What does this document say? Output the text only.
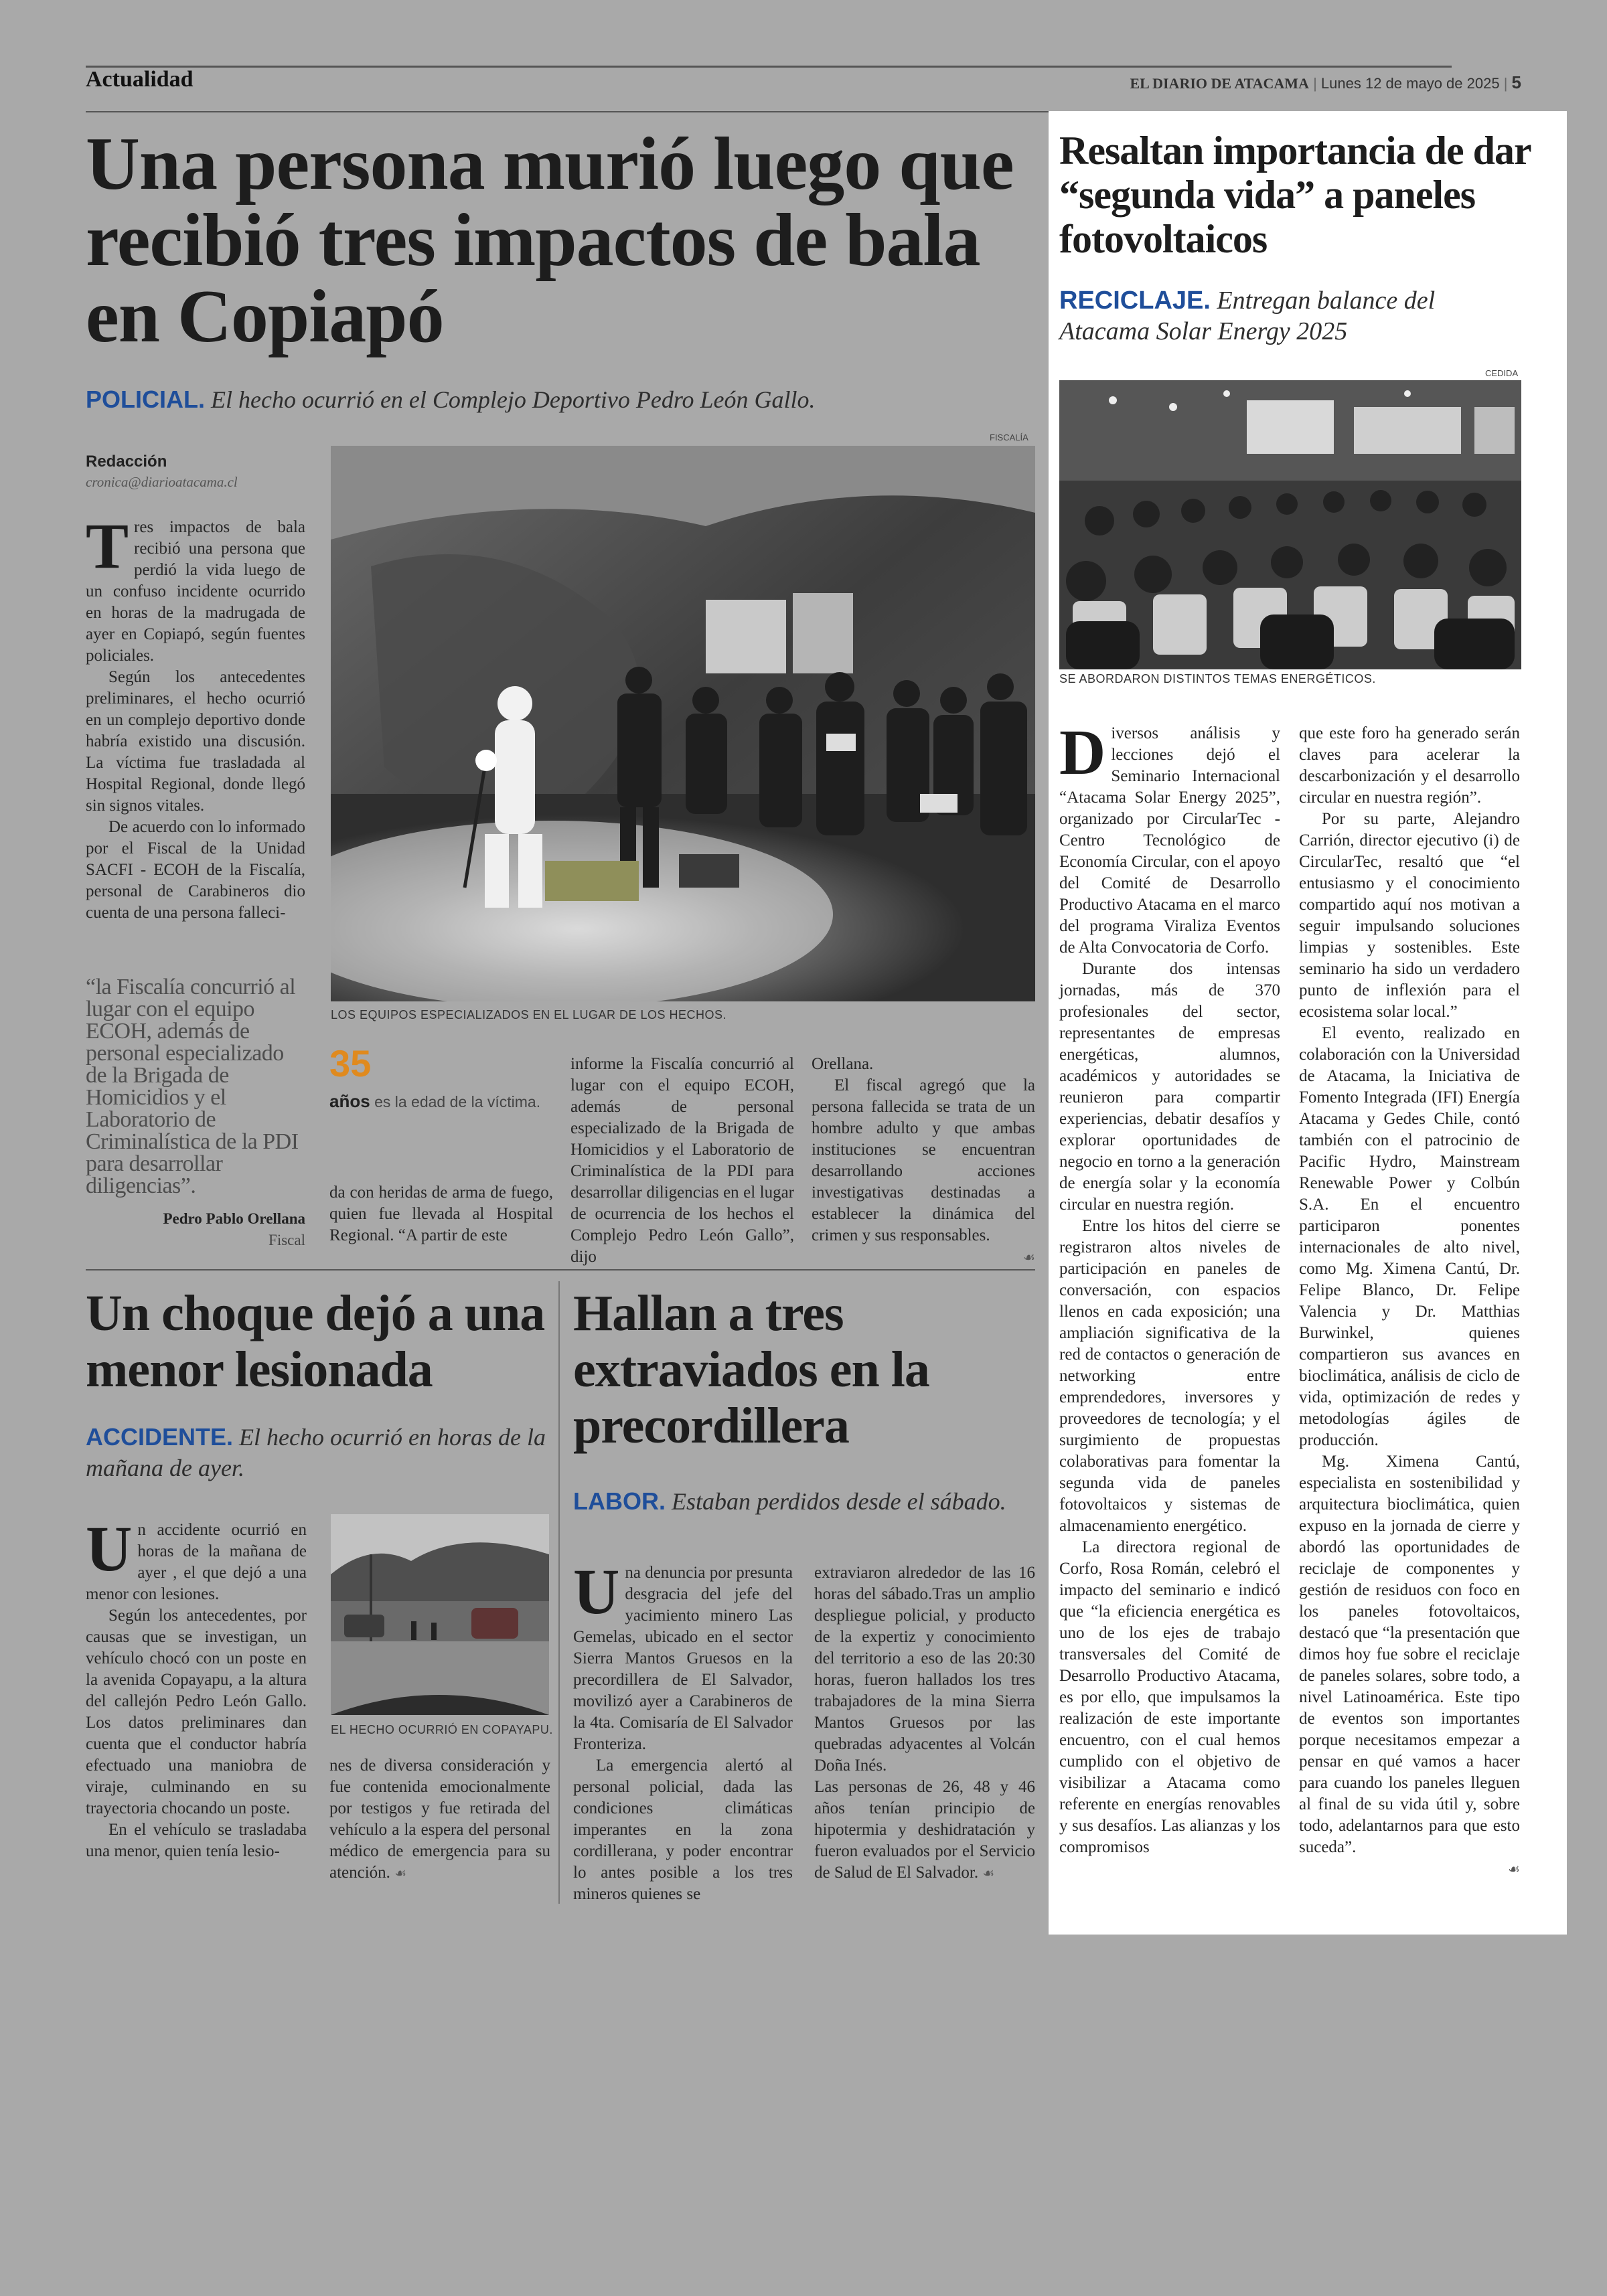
Actualidad	EL DIARIO DE ATACAMA | Lunes 12 de mayo de 2025 | 5
Una persona murió luego que recibió tres impactos de bala en Copiapó
POLICIAL. El hecho ocurrió en el Complejo Deportivo Pedro León Gallo.
Redacción
cronica@diarioatacama.cl

Tres impactos de bala recibió una persona que perdió la vida luego de un confuso incidente ocurrido en horas de la madrugada de ayer en Copiapó, según fuentes policiales.

Según los antecedentes preliminares, el hecho ocurrió en un complejo deportivo donde habría existido una discusión. La víctima fue trasladada al Hospital Regional, donde llegó sin signos vitales.

De acuerdo con lo informado por el Fiscal de la Unidad SACFI - ECOH de la Fiscalía, personal de Carabineros dio cuenta de una persona falleci-

FISCALÍA
LOS EQUIPOS ESPECIALIZADOS EN EL LUGAR DE LOS HECHOS.
“la Fiscalía concurrió al lugar con el equipo ECOH, además de personal especializado de la Brigada de Homicidios y el Laboratorio de Criminalística de la PDI para desarrollar diligencias”.
Pedro Pablo Orellana
Fiscal
35
años es la edad de la víctima.

da con heridas de arma de fuego, quien fue llevada al Hospital Regional. “A partir de este

informe la Fiscalía concurrió al lugar con el equipo ECOH, además de personal especializado de la Brigada de Homicidios y el Laboratorio de Criminalística de la PDI para desarrollar diligencias en el lugar de ocurrencia de los hechos el Complejo Pedro León Gallo”, dijo

Orellana.

El fiscal agregó que la persona fallecida se trata de un hombre adulto y que ambas instituciones se encuentran desarrollando acciones investigativas destinadas a establecer la dinámica del crimen y sus responsables.

☙
Un choque dejó a una menor lesionada
ACCIDENTE. El hecho ocurrió en horas de la mañana de ayer.

Un accidente ocurrió en horas de la mañana de ayer , el que dejó a una menor con lesiones.

Según los antecedentes, por causas que se investigan, un vehículo chocó con un poste en la avenida Copayapu, a la altura del callejón Pedro León Gallo. Los datos preliminares dan cuenta que el conductor habría efectuado una maniobra de viraje, culminando en su trayectoria chocando un poste.

En el vehículo se trasladaba una menor, quien tenía lesio-

EL HECHO OCURRIÓ EN COPAYAPU.

nes de diversa consideración y fue contenida emocionalmente por testigos y fue retirada del vehículo a la espera del personal médico de emergencia para su atención. ☙
Hallan a tres extraviados en la precordillera
LABOR. Estaban perdidos desde el sábado.

Una denuncia por presunta desgracia del jefe del yacimiento minero Las Gemelas, ubicado en el sector Sierra Mantos Gruesos en la precordillera de El Salvador, movilizó ayer a Carabineros de la 4ta. Comisaría de El Salvador Fronteriza.

La emergencia alertó al personal policial, dada las condiciones climáticas imperantes en la zona cordillerana, y poder encontrar lo antes posible a los tres mineros quienes se

extraviaron alrededor de las 16 horas del sábado.Tras un amplio despliegue policial, y producto de la expertiz y conocimiento del territorio a eso de las 20:30 horas, fueron hallados los tres trabajadores de la mina Sierra Mantos Gruesos por las quebradas adyacentes al Volcán Doña Inés.

Las personas de 26, 48 y 46 años tenían principio de hipotermia y deshidratación y fueron evaluados por el Servicio de Salud de El Salvador. ☙
Resaltan importancia de dar “segunda vida” a paneles fotovoltaicos
RECICLAJE. Entregan balance del Atacama Solar Energy 2025
CEDIDA
SE ABORDARON DISTINTOS TEMAS ENERGÉTICOS.

Diversos análisis y lecciones dejó el Seminario Internacional “Atacama Solar Energy 2025”, organizado por CircularTec - Centro Tecnológico de Economía Circular, con el apoyo del Comité de Desarrollo Productivo Atacama en el marco del programa Viraliza Eventos de Alta Convocatoria de Corfo.

Durante dos intensas jornadas, más de 370 profesionales del sector, representantes de empresas energéticas, alumnos, académicos y autoridades se reunieron para compartir experiencias, debatir desafíos y explorar oportunidades de negocio en torno a la generación de energía solar y la economía circular en nuestra región.

Entre los hitos del cierre se registraron altos niveles de participación en paneles de conversación, con espacios llenos en cada exposición; una ampliación significativa de la red de contactos o generación de networking entre emprendedores, inversores y proveedores de tecnología; y el surgimiento de propuestas colaborativas para fomentar la segunda vida de paneles fotovoltaicos y sistemas de almacenamiento energético.

La directora regional de Corfo, Rosa Román, celebró el impacto del seminario e indicó que “la eficiencia energética es uno de los ejes de trabajo transversales del Comité de Desarrollo Productivo Atacama, es por ello, que impulsamos la realización de este importante encuentro, con el cual hemos cumplido con el objetivo de visibilizar a Atacama como referente en energías renovables y sus desafíos. Las alianzas y los compromisos

que este foro ha generado serán claves para acelerar la descarbonización y el desarrollo circular en nuestra región”.

Por su parte, Alejandro Carrión, director ejecutivo (i) de CircularTec, resaltó que “el entusiasmo y el conocimiento compartido aquí nos motivan a seguir impulsando soluciones limpias y sostenibles. Este seminario ha sido un verdadero punto de inflexión para el ecosistema solar local.”

El evento, realizado en colaboración con la Universidad de Atacama, la Iniciativa de Fomento Integrada (IFI) Energía Atacama y Gedes Chile, contó también con el patrocinio de Pacific Hydro, Mainstream Renewable Power y Colbún S.A. En el encuentro participaron ponentes internacionales de alto nivel, como Mg. Ximena Cantú, Dr. Felipe Blanco, Dr. Felipe Valencia y Dr. Matthias Burwinkel, quienes compartieron sus avances en bioclimática, análisis de ciclo de vida, optimización de redes y metodologías ágiles de producción.

Mg. Ximena Cantú, especialista en sostenibilidad y arquitectura bioclimática, quien expuso en la jornada de cierre y abordó las oportunidades de reciclaje de componentes y gestión de residuos con foco en los paneles fotovoltaicos, destacó que “la presentación que dimos hoy fue sobre el reciclaje de paneles solares, sobre todo, a nivel Latinoamérica. Este tipo de eventos son importantes porque necesitamos empezar a pensar en qué vamos a hacer para cuando los paneles lleguen al final de su vida útil y, sobre todo, adelantarnos para que esto suceda”.

☙
